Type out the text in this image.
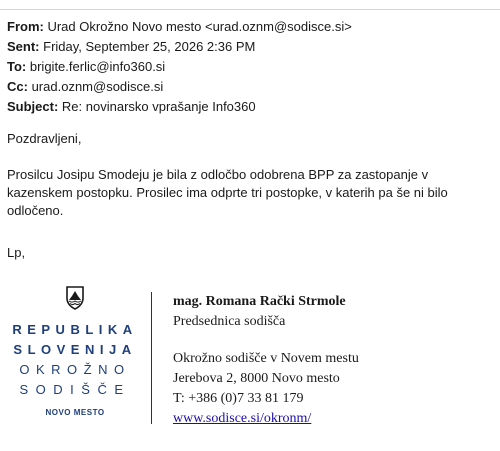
From: Urad Okrožno Novo mesto <urad.oznm@sodisce.si>
Sent: Friday, September 25, 2026 2:36 PM
To: brigite.ferlic@info360.si
Cc: urad.oznm@sodisce.si
Subject: Re: novinarsko vprašanje Info360
Pozdravljeni,
Prosilcu Josipu Smodeju je bila z odločbo odobrena BPP za zastopanje v kazenskem postopku. Prosilec ima odprte tri postopke, v katerih pa še ni bilo odločeno.
Lp,
REPUBLIKA
SLOVENIJA
OKROŽNO
SODIŠČE
NOVO MESTO
mag. Romana Rački Strmole
Predsednica sodišča
Okrožno sodišče v Novem mestu
Jerebova 2, 8000 Novo mesto
T: +386 (0)7 33 81 179
www.sodisce.si/okronm/
